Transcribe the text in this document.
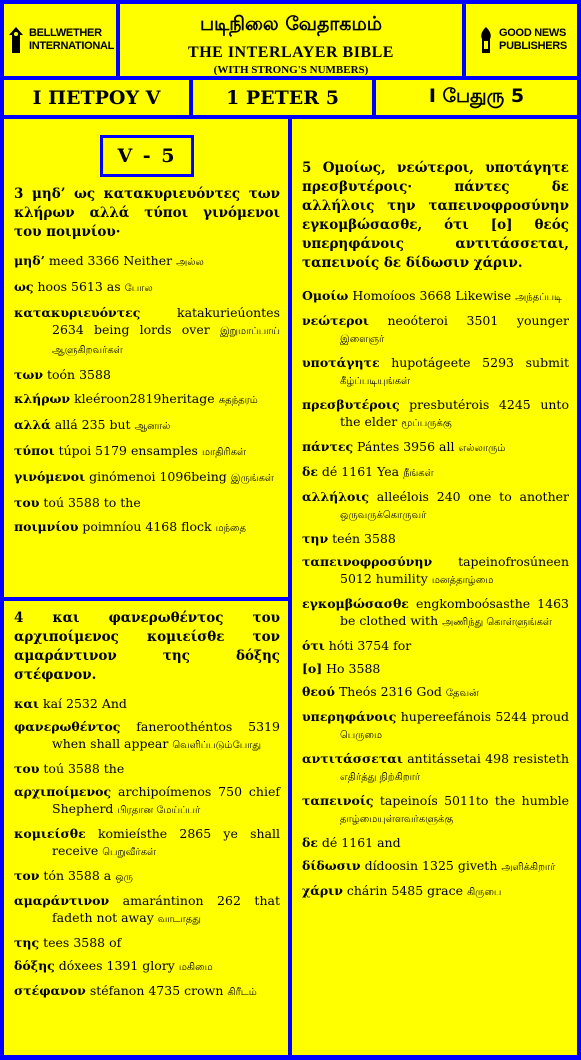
BELLWETHER
INTERNATIONAL
படிநிலை வேதாகமம்
THE INTERLAYER BIBLE
(WITH STRONG'S NUMBERS)
GOOD NEWS
PUBLISHERS
I ΠΕΤΡΟΥ V	1 PETER 5	I பேதுரு 5

3 μηδ’ ως κατακυριευόντες των κλήρων αλλά τύποι γινόμενοι του ποιμνίου·

μηδ’ meed 3366 Neither அல்ல

ως hoos 5613 as போல

κατακυριευόντες	katakurieúontes 2634 being lords over இறுமாப்பாய் ஆளுகிறவர்கள்

των toón 3588

κλήρων kleéroon2819heritage சுதந்தரம்

αλλά allá 235 but ஆனால்

τύποι túpoi 5179 ensamples மாதிரிகள்

γινόμενοι ginómenoi 1096being இருங்கள்

του toú 3588 to the

ποιμνίου poimníou 4168 flock மந்தை

V - 5

4 και φανερωθέντος του αρχιποίμενος κομιείσθε τον αμαράντινον της δόξης στέφανον.

και kaí 2532 And

φανερωθέντος faneroothéntos 5319 when shall appear வெளிப்படும்போது

του toú 3588 the

αρχιποίμενος archipoímenos 750 chief Shepherd பிரதான மேய்ப்பர்

κομιείσθε komieísthe 2865 ye shall receive பெறுவீர்கள்

τον tón 3588 a ஒரு

αμαράντινον amarántinon 262 that fadeth not away வாடாதது

της tees 3588 of

δόξης dóxees 1391 glory மகிமை

στέφανον stéfanon 4735 crown கிரீடம்

5 Ομοίως, νεώτεροι, υποτάγητε πρεσβυτέροις· πάντες δε αλλήλοις την ταπεινοφροσύνην εγκομβώσασθε, ότι [ο] θεός υπερηφάνοις αντιτάσσεται, ταπεινοίς δε δίδωσιν χάριν.

Ομοίω Homoíoos 3668 Likewise அந்தப்படி

νεώτεροι neoóteroi 3501 younger இளைஞர்

υποτάγητε hupotágeete 5293 submit கீழ்ப்படியுங்கள்

πρεσβυτέροις presbutérois 4245 unto the elder மூப்பருக்கு

πάντες Pántes 3956 all எல்லாரும்

δε dé 1161 Yea நீங்கள்

αλλήλοις alleélois 240 one to another ஒருவருக்கொருவர்

την teén 3588

ταπεινοφροσύνην tapeinofrosúneen 5012 humility மனத்தாழ்மை

εγκομβώσασθε engkomboósasthe 1463 be clothed with அணிந்து கொள்ளுங்கள்

ότι hóti 3754 for

[ο] Ho 3588

θεού Theós 2316 God தேவன்

υπερηφάνοις hupereefánois 5244 proud பெருமை

αντιτάσσεται antitássetai 498 resisteth எதிர்த்து நிற்கிறார்

ταπεινοίς tapeinoís 5011to the humble தாழ்மையுள்ளவர்களுக்கு

δε dé 1161 and

δίδωσιν dídoosin 1325 giveth அளிக்கிறார்

χάριν chárin 5485 grace கிருபை
